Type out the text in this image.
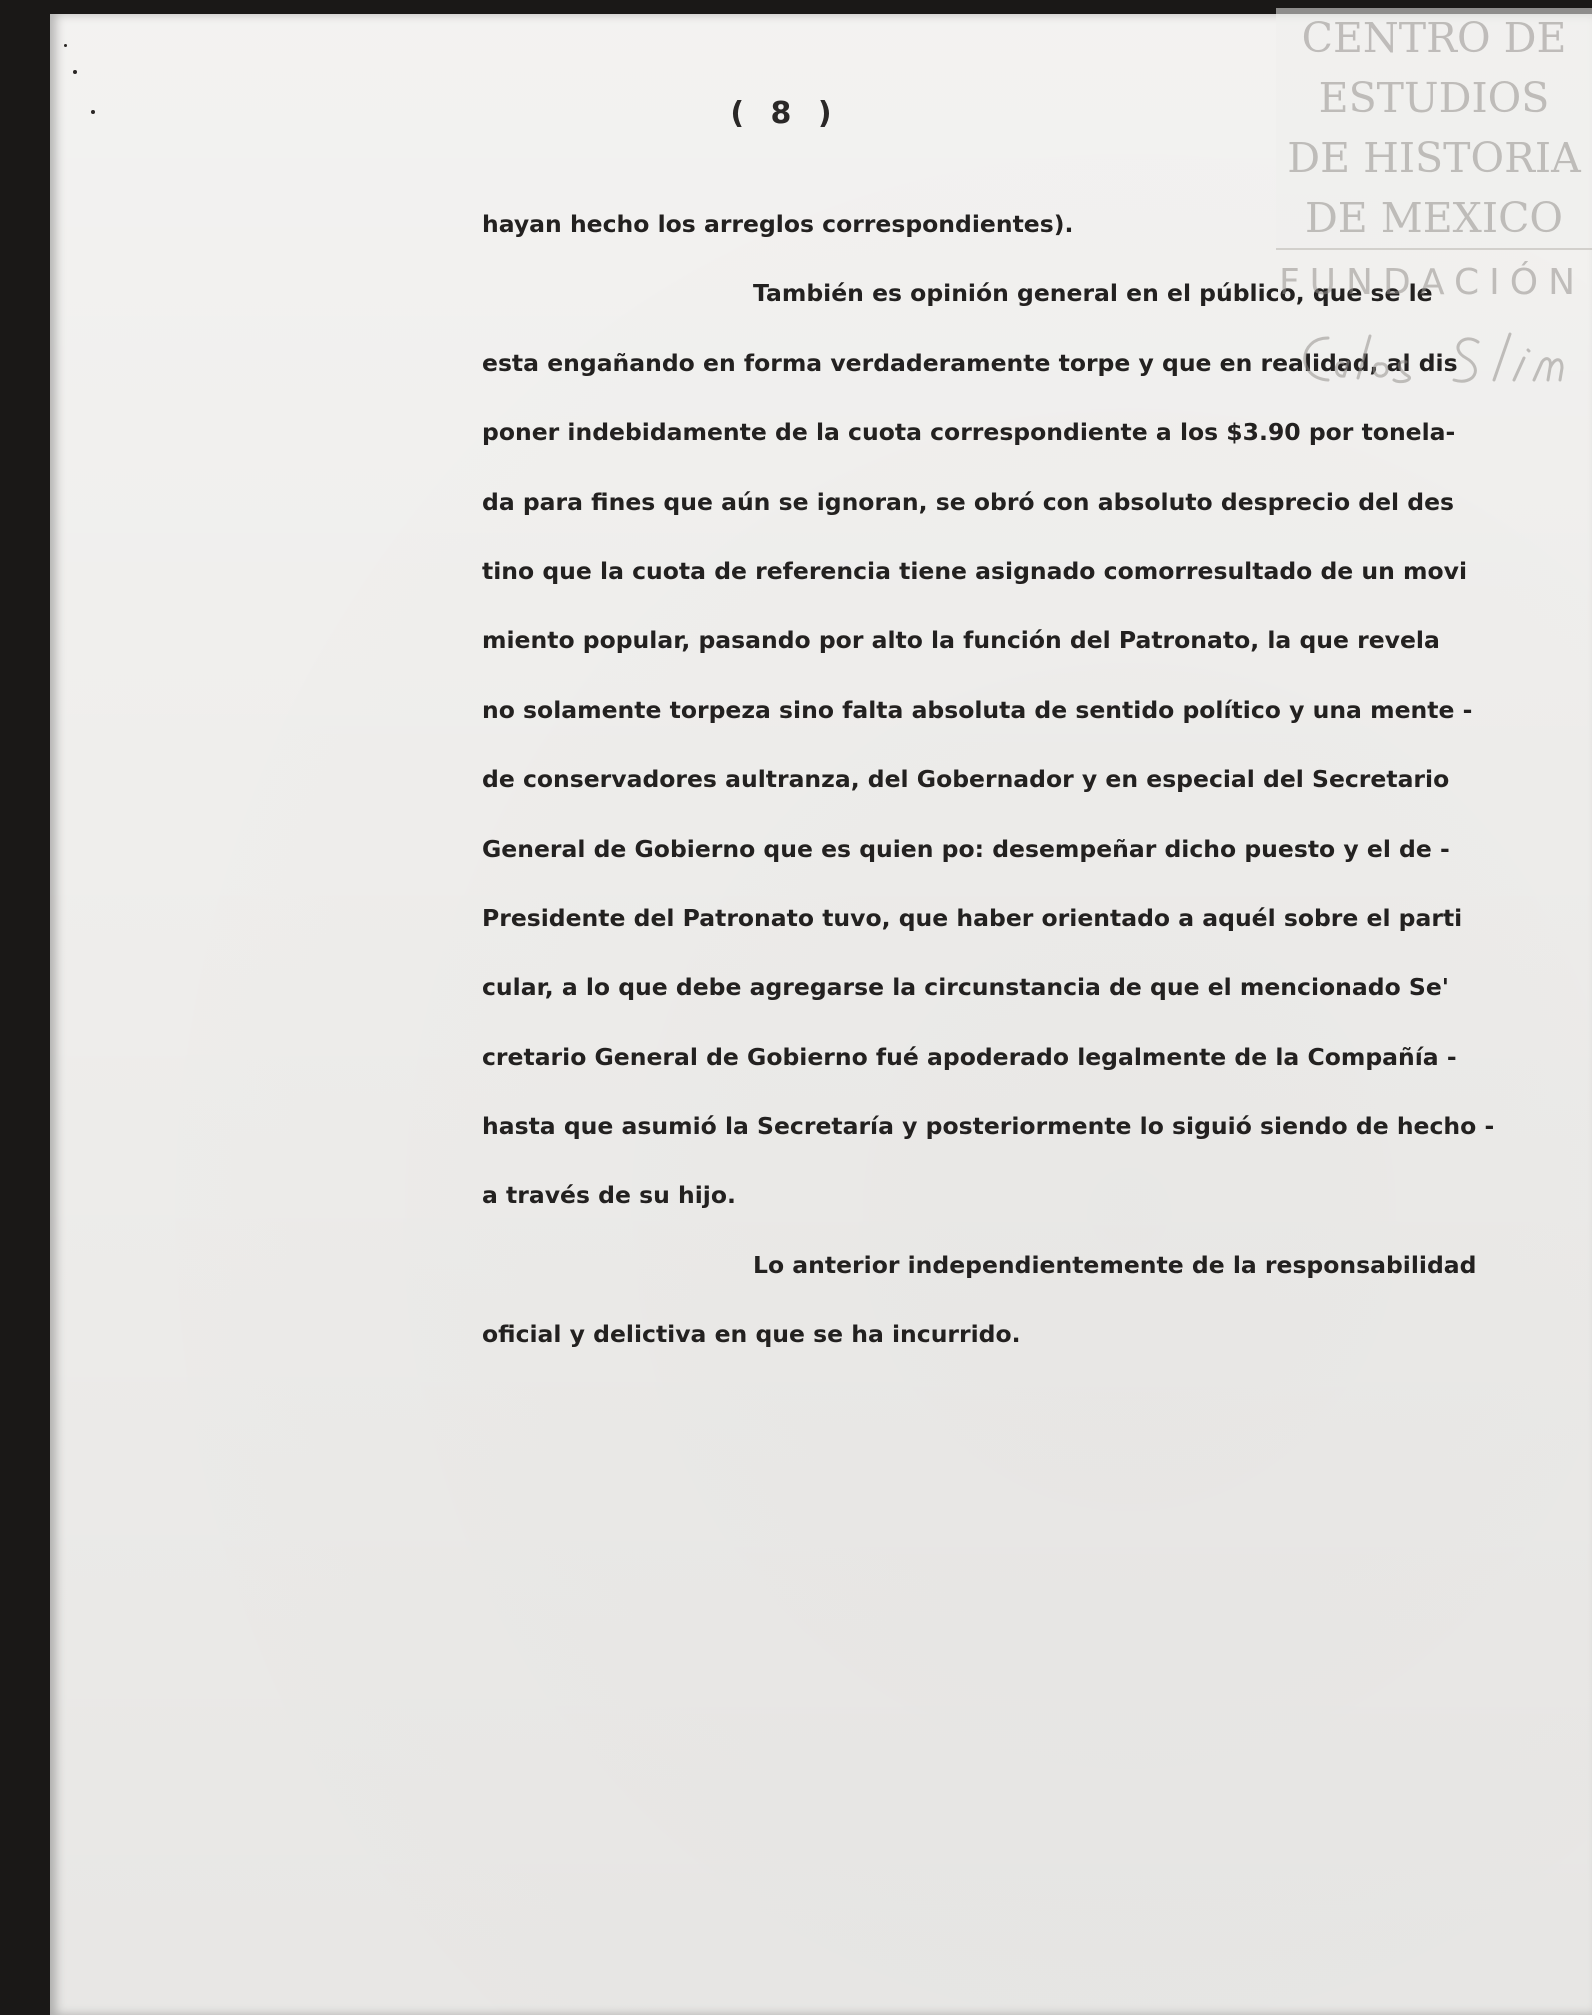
( 8 )
hayan hecho los arreglos correspondientes).
También es opinión general en el público, que se le
esta engañando en forma verdaderamente torpe y que en realidad, al dis
poner indebidamente de la cuota correspondiente a los $3.90 por tonela-
da para fines que aún se ignoran, se obró con absoluto desprecio del des
tino que la cuota de referencia tiene asignado comorresultado de un movi
miento popular, pasando por alto la función del Patronato, la que revela
no solamente torpeza sino falta absoluta de sentido político y una mente -
de conservadores aultranza, del Gobernador y en especial del Secretario
General de Gobierno que es quien po: desempeñar dicho puesto y el de -
Presidente del Patronato tuvo, que haber orientado a aquél sobre el parti
cular, a lo que debe agregarse la circunstancia de que el mencionado Se'
cretario General de Gobierno fué apoderado legalmente de la Compañía -
hasta que asumió la Secretaría y posteriormente lo siguió siendo de hecho -
a través de su hijo.
Lo anterior independientemente de la responsabilidad
oficial y delictiva en que se ha incurrido.
CENTRO DE
ESTUDIOS
DE HISTORIA
DE MEXICO
FUNDACIÓN
